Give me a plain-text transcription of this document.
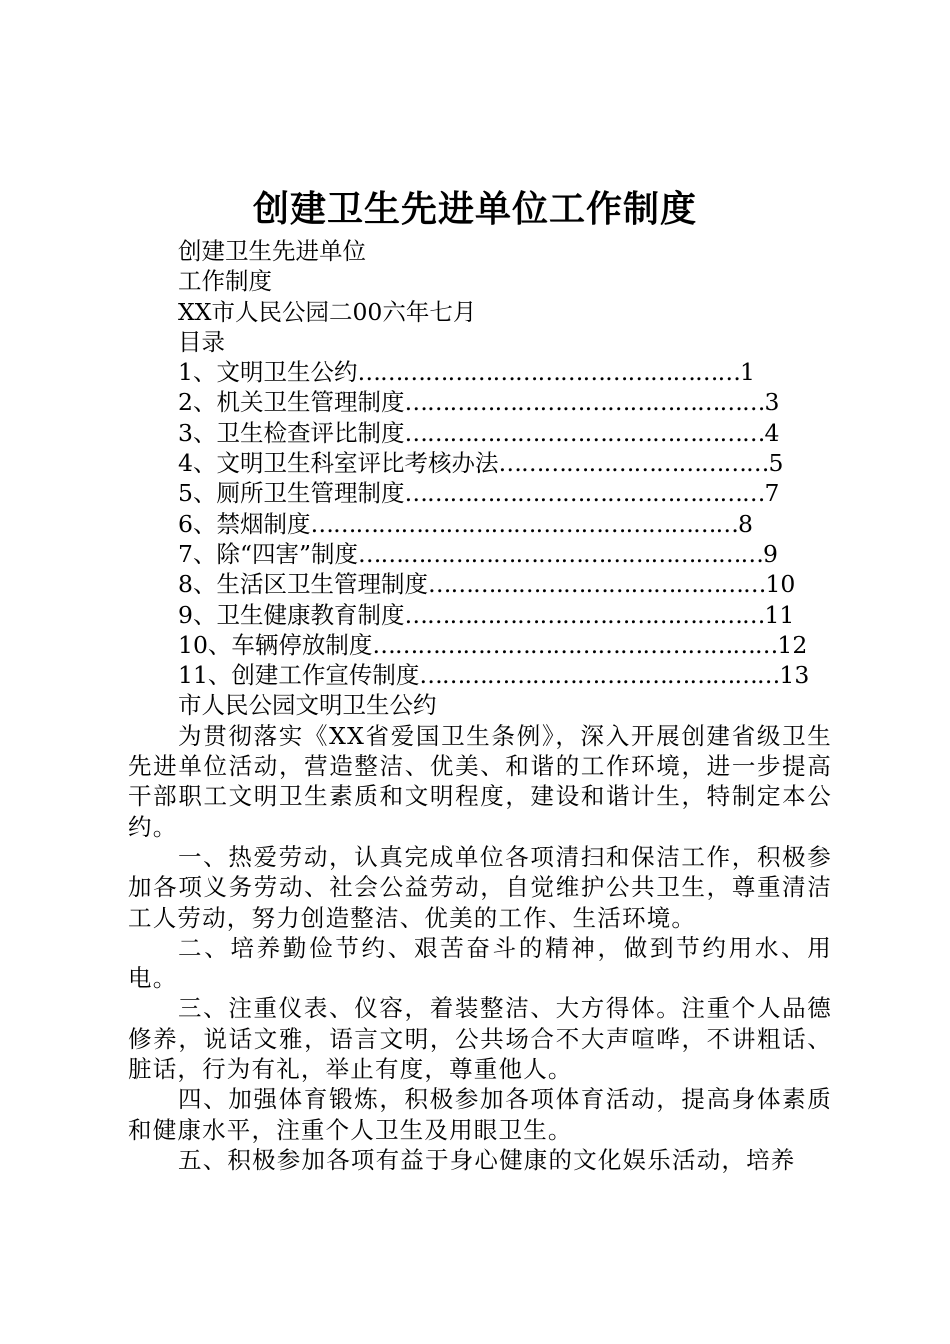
创建卫生先进单位工作制度
创建卫生先进单位
工作制度
XX市人民公园二00六年七月
目录
1、文明卫生公约……………………………………………1
2、机关卫生管理制度…………………………………………3
3、卫生检查评比制度…………………………………………4
4、文明卫生科室评比考核办法………………………………5
5、厕所卫生管理制度…………………………………………7
6、禁烟制度…………………………………………………8
7、除“四害”制度………………………………………………9
8、生活区卫生管理制度………………………………………10
9、卫生健康教育制度…………………………………………11
10、车辆停放制度………………………………………………12
11、创建工作宣传制度…………………………………………13
市人民公园文明卫生公约
为贯彻落实《XX省爱国卫生条例》，深入开展创建省级卫生先进单位活动，营造整洁、优美、和谐的工作环境，进一步提高干部职工文明卫生素质和文明程度，建设和谐计生，特制定本公约。
一、热爱劳动，认真完成单位各项清扫和保洁工作，积极参加各项义务劳动、社会公益劳动，自觉维护公共卫生，尊重清洁工人劳动，努力创造整洁、优美的工作、生活环境。
二、培养勤俭节约、艰苦奋斗的精神，做到节约用水、用电。
三、注重仪表、仪容，着装整洁、大方得体。注重个人品德修养，说话文雅，语言文明，公共场合不大声喧哗，不讲粗话、脏话，行为有礼，举止有度，尊重他人。
四、加强体育锻炼，积极参加各项体育活动，提高身体素质和健康水平，注重个人卫生及用眼卫生。
五、积极参加各项有益于身心健康的文化娱乐活动，培养
